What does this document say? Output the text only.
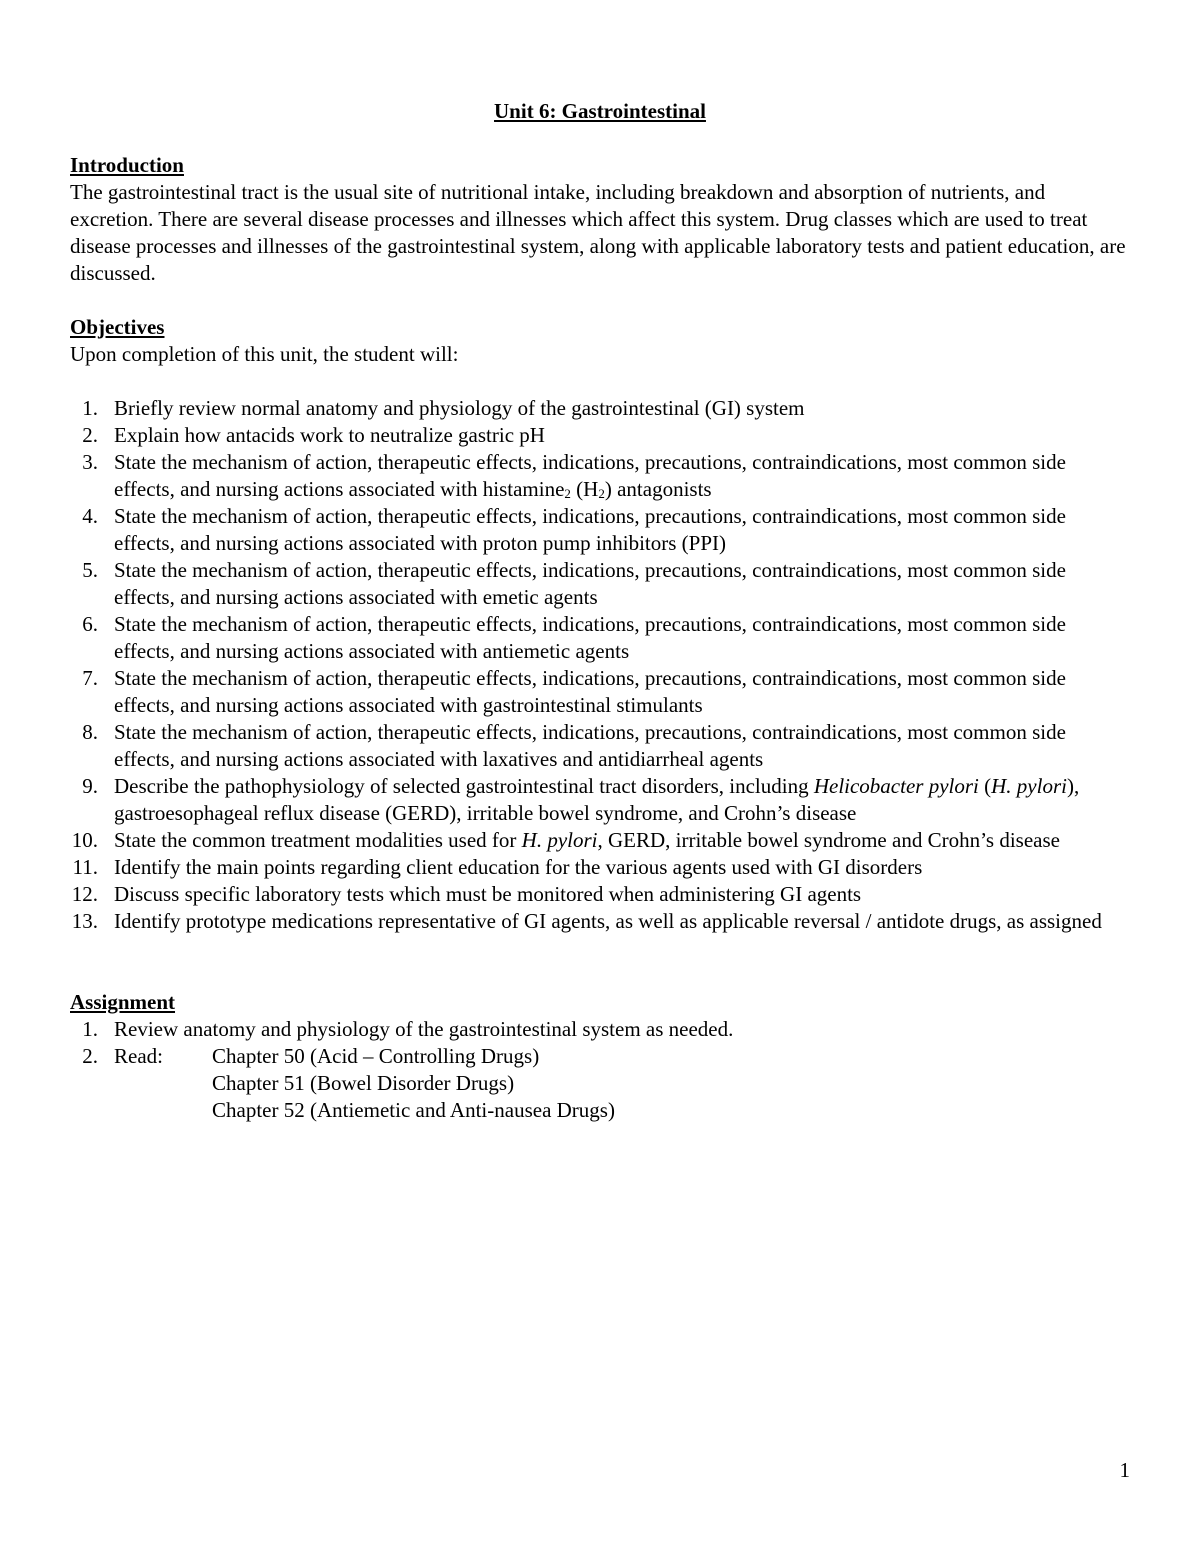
Unit 6: Gastrointestinal
Introduction

The gastrointestinal tract is the usual site of nutritional intake, including breakdown and absorption of nutrients, and excretion. There are several disease processes and illnesses which affect this system. Drug classes which are used to treat disease processes and illnesses of the gastrointestinal system, along with applicable laboratory tests and patient education, are discussed.

Objectives

Upon completion of this unit, the student will:

1. Briefly review normal anatomy and physiology of the gastrointestinal (GI) system
2. Explain how antacids work to neutralize gastric pH
3. State the mechanism of action, therapeutic effects, indications, precautions, contraindications, most common side effects, and nursing actions associated with histamine$_2$ $(H_2)$ antagonists
4. State the mechanism of action, therapeutic effects, indications, precautions, contraindications, most common side effects, and nursing actions associated with proton pump inhibitors (PPI)
5. State the mechanism of action, therapeutic effects, indications, precautions, contraindications, most common side effects, and nursing actions associated with emetic agents
6. State the mechanism of action, therapeutic effects, indications, precautions, contraindications, most common side effects, and nursing actions associated with antiemetic agents
7. State the mechanism of action, therapeutic effects, indications, precautions, contraindications, most common side effects, and nursing actions associated with gastrointestinal stimulants
8. State the mechanism of action, therapeutic effects, indications, precautions, contraindications, most common side effects, and nursing actions associated with laxatives and antidiarrheal agents
9. Describe the pathophysiology of selected gastrointestinal tract disorders, including Helicobacter pylori (H. pylori), gastroesophageal reflux disease (GERD), irritable bowel syndrome, and Crohn’s disease
10. State the common treatment modalities used for H. pylori, GERD, irritable bowel syndrome and Crohn’s disease
11. Identify the main points regarding client education for the various agents used with GI disorders
12. Discuss specific laboratory tests which must be monitored when administering GI agents
13. Identify prototype medications representative of GI agents, as well as applicable reversal / antidote drugs, as assigned
Assignment
1. Review anatomy and physiology of the gastrointestinal system as needed.
2. Read: Chapter 50 (Acid – Controlling Drugs)
Chapter 51 (Bowel Disorder Drugs)
Chapter 52 (Antiemetic and Anti-nausea Drugs)
1
